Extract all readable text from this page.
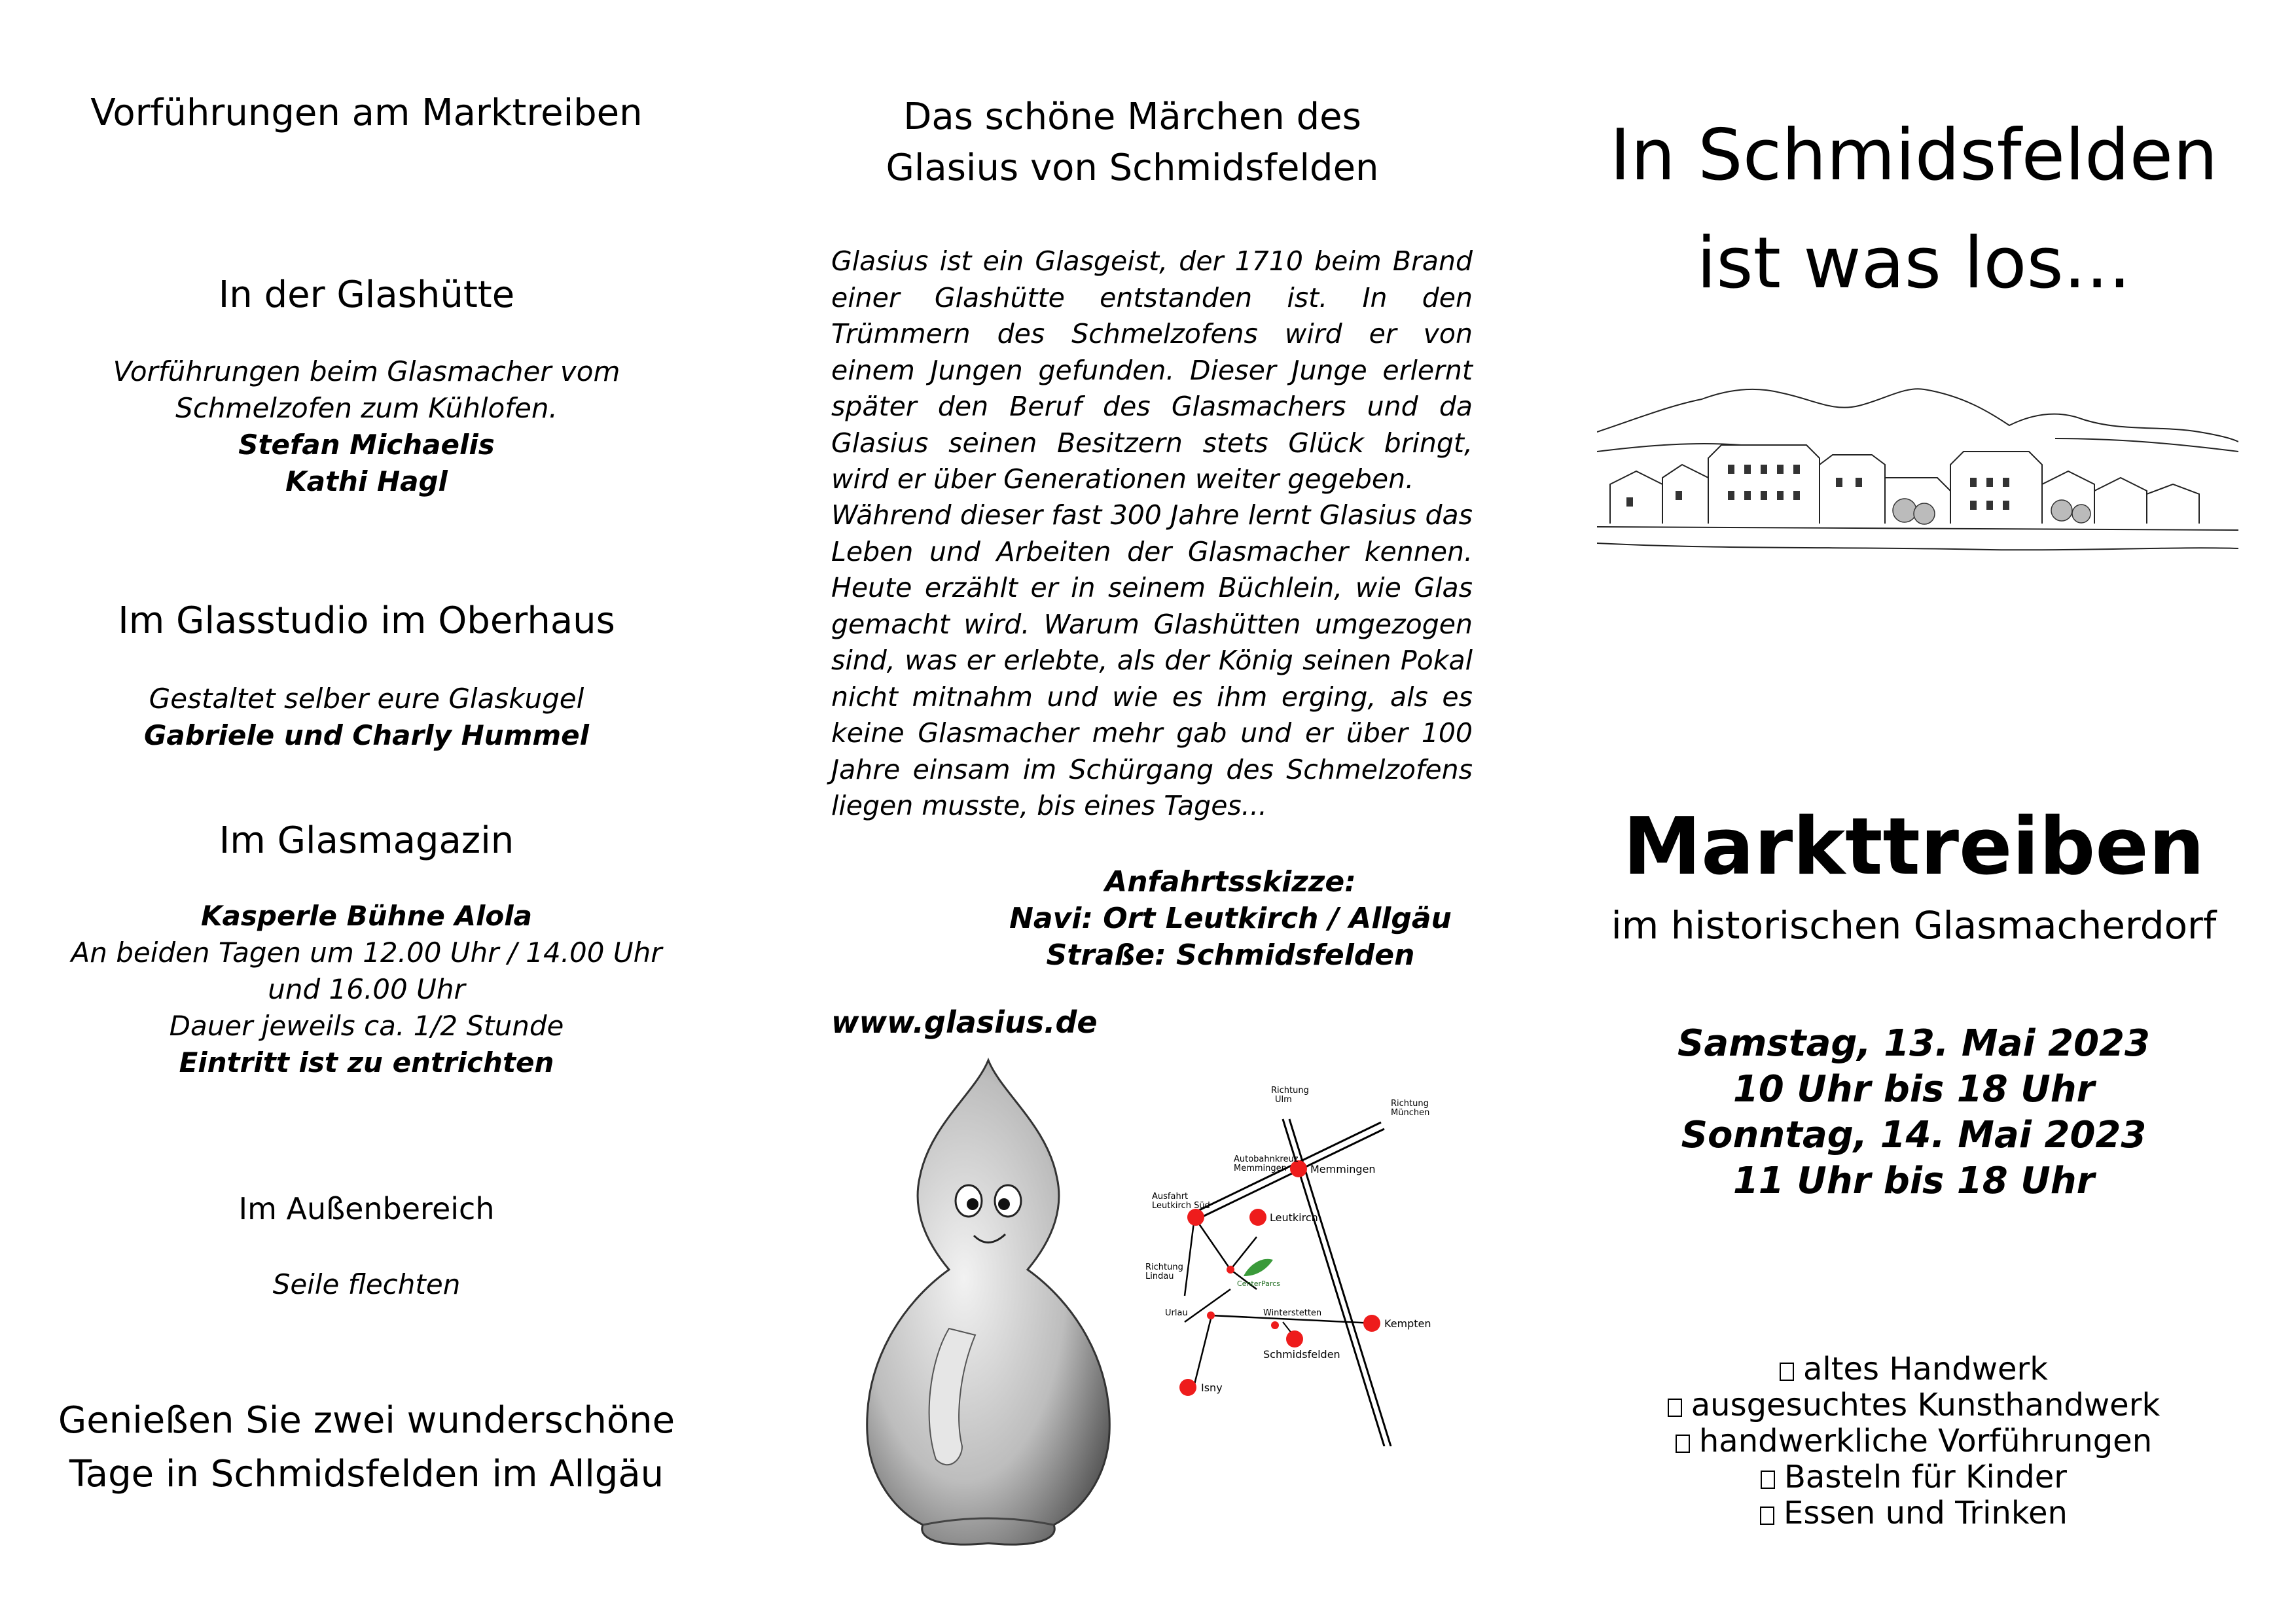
Vorführungen am Marktreiben
In der Glashütte
Vorführungen beim Glasmacher vom
Schmelzofen zum Kühlofen.
Stefan Michaelis
Kathi Hagl
Im Glasstudio im Oberhaus
Gestaltet selber eure Glaskugel
Gabriele und Charly Hummel
Im Glasmagazin
Kasperle Bühne Alola
An beiden Tagen um 12.00 Uhr / 14.00 Uhr
und 16.00 Uhr
Dauer jeweils ca. 1/2 Stunde
Eintritt ist zu entrichten
Im Außenbereich
Seile flechten
Genießen Sie zwei wunderschöne
Tage in Schmidsfelden im Allgäu
Das schöne Märchen des
Glasius von Schmidsfelden

Glasius ist ein Glasgeist, der 1710 beim Brand einer Glashütte entstanden ist. In den Trümmern des Schmelzofens wird er von einem Jungen gefunden. Dieser Junge erlernt später den Beruf des Glasmachers und da Glasius seinen Besitzern stets Glück bringt, wird er über Generationen weiter gegeben.

Während dieser fast 300 Jahre lernt Glasius das Leben und Arbeiten der Glasmacher kennen. Heute erzählt er in seinem Büchlein, wie Glas gemacht wird. Warum Glashütten umgezogen sind, was er erlebte, als der König seinen Pokal nicht mitnahm und wie es ihm erging, als es keine Glasmacher mehr gab und er über 100 Jahre einsam im Schürgang des Schmelzofens liegen musste, bis eines Tages...

Anfahrtsskizze:
Navi: Ort Leutkirch / Allgäu
Straße: Schmidsfelden
www.glasius.de
Richtung
Ulm	Richtung
München
Autobahnkreuz
Memmingen Memmingen
Ausfahrt
Leutkirch Süd
Leutkirch
Richtung
Lindau
CenterParcs
Urlau	Winterstetten
Kempten
Schmidsfelden
Isny
In Schmidsfelden
ist was los...
Markttreiben
im historischen Glasmacherdorf
Samstag, 13. Mai 2023
10 Uhr bis 18 Uhr
Sonntag, 14. Mai 2023
11 Uhr bis 18 Uhr
altes Handwerk
ausgesuchtes Kunsthandwerk
handwerkliche Vorführungen
Basteln für Kinder
Essen und Trinken
